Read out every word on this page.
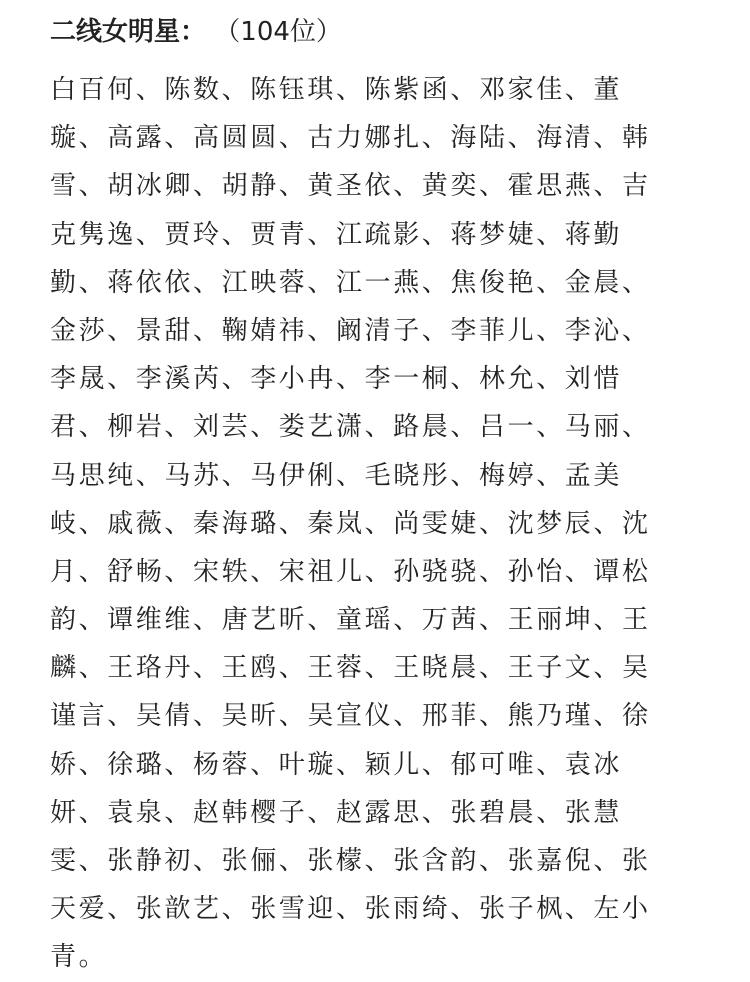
二线女明星： （104位）
白百何、陈数、陈钰琪、陈紫函、邓家佳、董
璇、高露、高圆圆、古力娜扎、海陆、海清、韩
雪、胡冰卿、胡静、黄圣依、黄奕、霍思燕、吉
克隽逸、贾玲、贾青、江疏影、蒋梦婕、蒋勤
勤、蒋依依、江映蓉、江一燕、焦俊艳、金晨、
金莎、景甜、鞠婧祎、阚清子、李菲儿、李沁、
李晟、李溪芮、李小冉、李一桐、林允、刘惜
君、柳岩、刘芸、娄艺潇、路晨、吕一、马丽、
马思纯、马苏、马伊俐、毛晓彤、梅婷、孟美
岐、戚薇、秦海璐、秦岚、尚雯婕、沈梦辰、沈
月、舒畅、宋轶、宋祖儿、孙骁骁、孙怡、谭松
韵、谭维维、唐艺昕、童瑶、万茜、王丽坤、王
麟、王珞丹、王鸥、王蓉、王晓晨、王子文、吴
谨言、吴倩、吴昕、吴宣仪、邢菲、熊乃瑾、徐
娇、徐璐、杨蓉、叶璇、颖儿、郁可唯、袁冰
妍、袁泉、赵韩樱子、赵露思、张碧晨、张慧
雯、张静初、张俪、张檬、张含韵、张嘉倪、张
天爱、张歆艺、张雪迎、张雨绮、张子枫、左小
青。
